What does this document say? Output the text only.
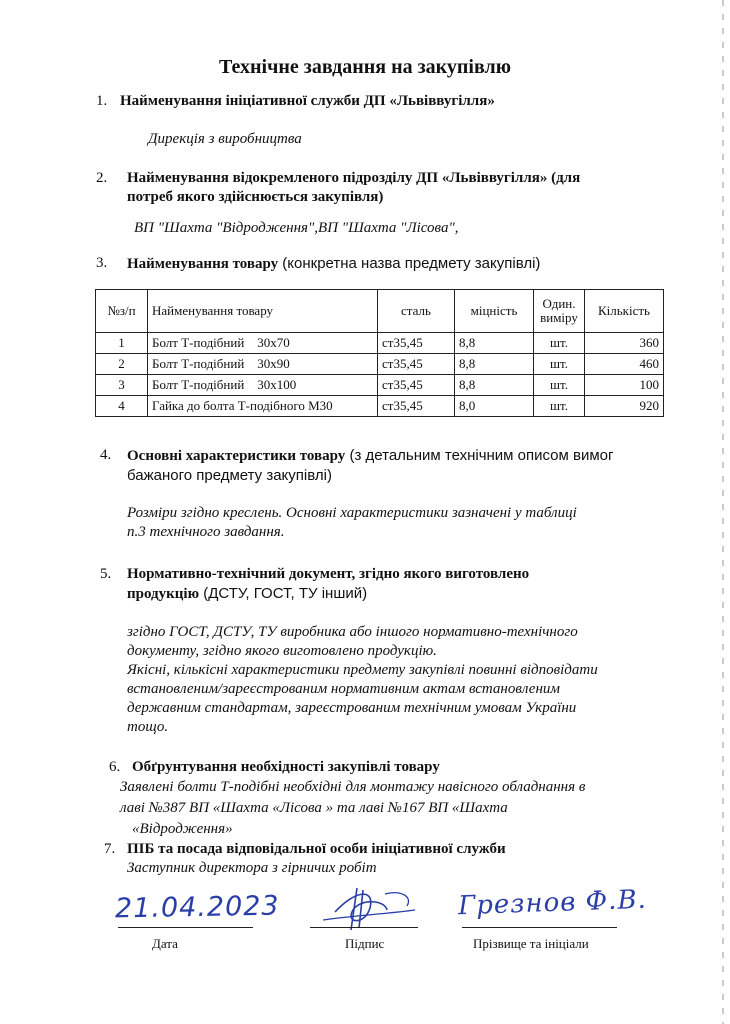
Технічне завдання на закупівлю
1. Найменування ініціативної служби ДП «Львіввугілля»
Дирекція з виробництва
2. Найменування відокремленого підрозділу ДП «Львіввугілля» (для
потреб якого здійснюється закупівля)
ВП "Шахта "Відродження",ВП "Шахта "Лісова",
3. Найменування товару (конкретна назва предмету закупівлі)
№з/п	Найменування товару	сталь	міцність	Один.
виміру	Кількість
1	Болт Т-подібний    30х70	ст35,45	8,8	шт.	360
2	Болт Т-подібний    30х90	ст35,45	8,8	шт.	460
3	Болт Т-подібний    30х100	ст35,45	8,8	шт.	100
4	Гайка до болта Т-подібного М30	ст35,45	8,0	шт.	920
4. Основні характеристики товару (з детальним технічним описом вимог
бажаного предмету закупівлі)
Розміри згідно креслень. Основні характеристики зазначені у таблиці
п.3 технічного завдання.
5. Нормативно-технічний документ, згідно якого виготовлено
продукцію (ДСТУ, ГОСТ, ТУ інший)
згідно ГОСТ, ДСТУ, ТУ виробника або іншого нормативно-технічного
документу, згідно якого виготовлено продукцію.
Якісні, кількісні характеристики предмету закупівлі повинні відповідати
встановленим/зареєстрованим нормативним актам встановленим
державним стандартам, зареєстрованим технічним умовам України
тощо.
6. Обґрунтування необхідності закупівлі товару
Заявлені болти Т-подібні необхідні для монтажу навісного обладнання в
лаві №387 ВП «Шахта «Лісова » та лаві №167 ВП «Шахта
«Відродження»
7. ПІБ та посада відповідальної особи ініціативної служби
Заступник директора з гірничих робіт
21.04.2023	Грезнов Ф.В.
Дата	Підпис	Прізвище та ініціали
